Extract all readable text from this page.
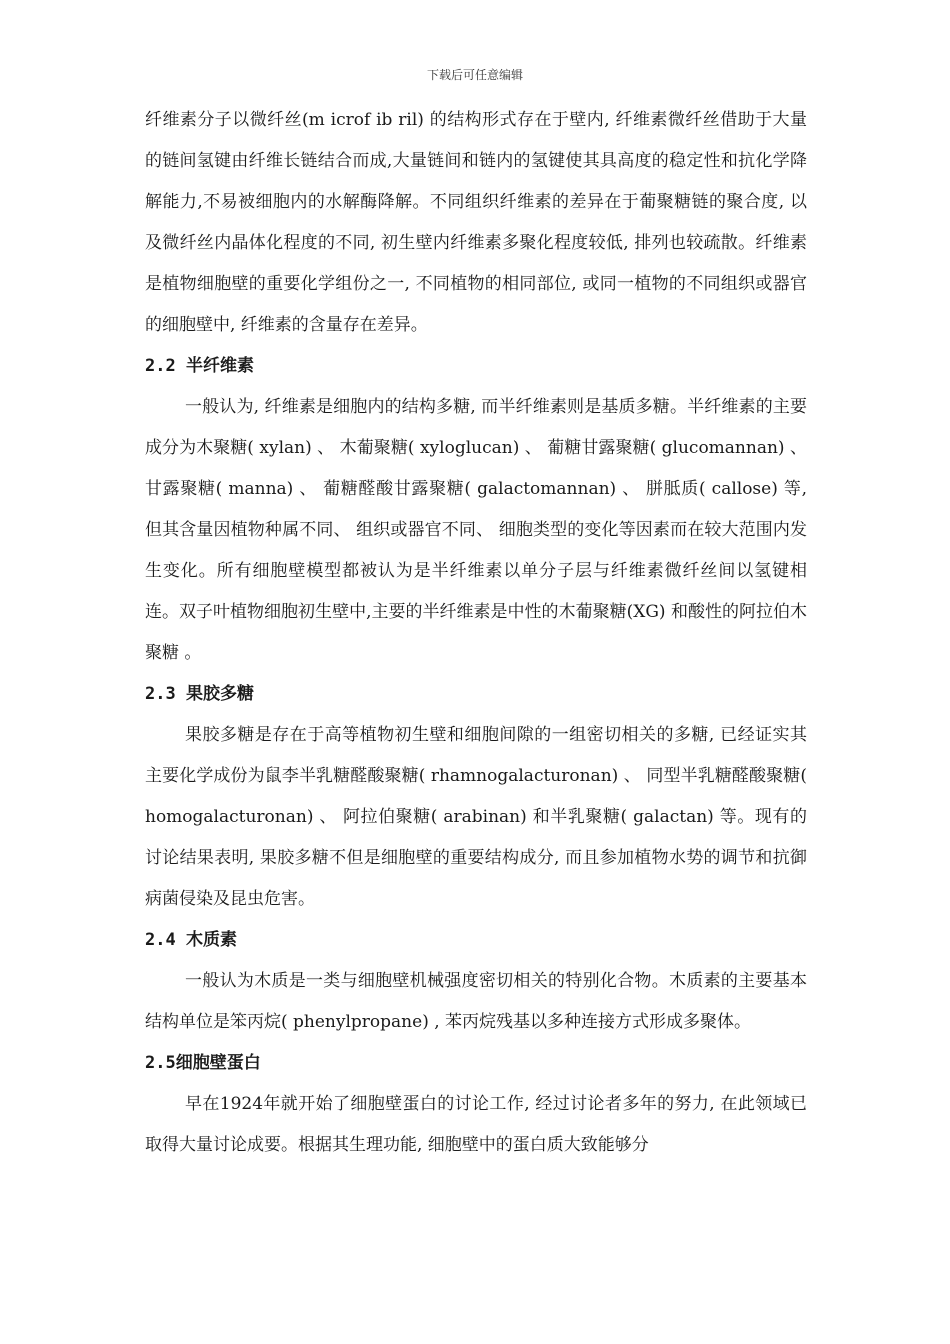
下载后可任意编辑

纤维素分子以微纤丝(m icrof ib ril) 的结构形式存在于壁内, 纤维素微纤丝借助于大量的链间氢键由纤维长链结合而成,大量链间和链内的氢键使其具高度的稳定性和抗化学降解能力,不易被细胞内的水解酶降解。不同组织纤维素的差异在于葡聚糖链的聚合度, 以及微纤丝内晶体化程度的不同, 初生壁内纤维素多聚化程度较低, 排列也较疏散。纤维素是植物细胞壁的重要化学组份之一, 不同植物的相同部位, 或同一植物的不同组织或器官的细胞壁中, 纤维素的含量存在差异。

2.2 半纤维素

一般认为, 纤维素是细胞内的结构多糖, 而半纤维素则是基质多糖。半纤维素的主要成分为木聚糖( xylan) 、 木葡聚糖( xyloglucan) 、 葡糖甘露聚糖( glucomannan) 、 甘露聚糖( manna) 、 葡糖醛酸甘露聚糖( galactomannan) 、 胼胝质( callose) 等, 但其含量因植物种属不同、 组织或器官不同、 细胞类型的变化等因素而在较大范围内发生变化。所有细胞壁模型都被认为是半纤维素以单分子层与纤维素微纤丝间以氢键相连。双子叶植物细胞初生壁中,主要的半纤维素是中性的木葡聚糖(XG) 和酸性的阿拉伯木聚糖 。

2.3 果胶多糖

果胶多糖是存在于高等植物初生壁和细胞间隙的一组密切相关的多糖, 已经证实其主要化学成份为鼠李半乳糖醛酸聚糖( rhamnogalacturonan) 、 同型半乳糖醛酸聚糖( homogalacturonan) 、 阿拉伯聚糖( arabinan) 和半乳聚糖( galactan) 等。现有的讨论结果表明, 果胶多糖不但是细胞壁的重要结构成分, 而且参加植物水势的调节和抗御病菌侵染及昆虫危害。

2.4 木质素

一般认为木质是一类与细胞壁机械强度密切相关的特别化合物。木质素的主要基本结构单位是笨丙烷( phenylpropane) , 苯丙烷残基以多种连接方式形成多聚体。

2.5细胞壁蛋白

早在1924年就开始了细胞壁蛋白的讨论工作, 经过讨论者多年的努力, 在此领域已取得大量讨论成要。根据其生理功能, 细胞壁中的蛋白质大致能够分
